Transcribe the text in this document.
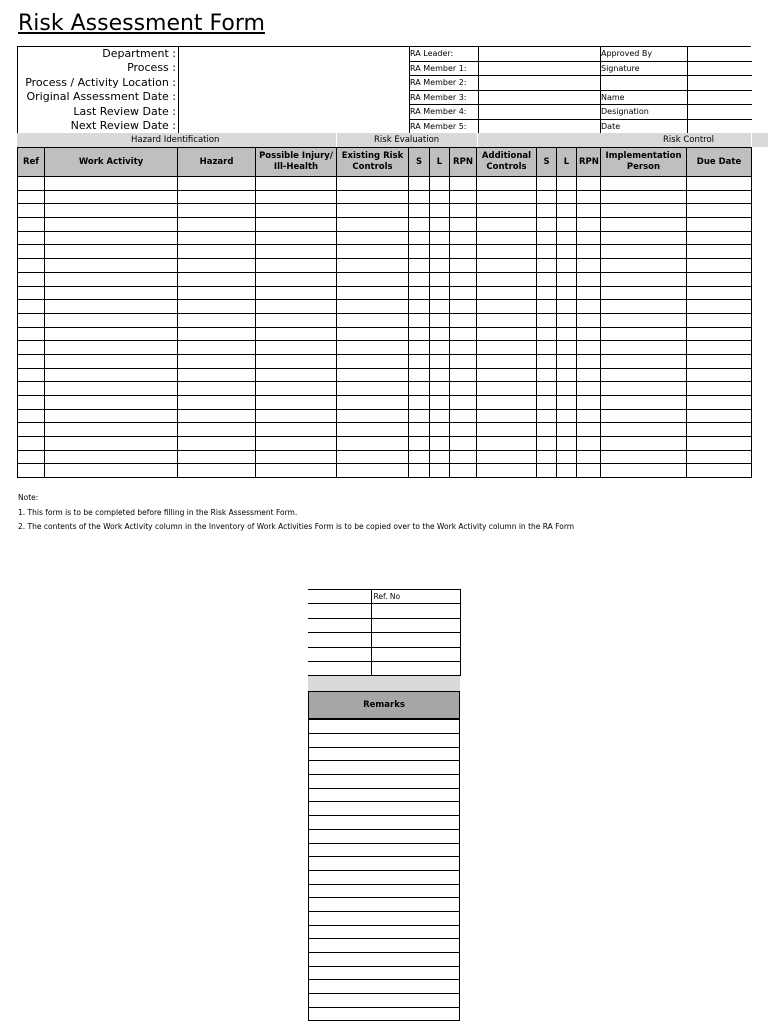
Risk Assessment Form
Department :
Process :
Process / Activity Location :
Original Assessment Date :
Last Review Date :
Next Review Date :
RA Leader:
RA Member 1:
RA Member 2:
RA Member 3:
RA Member 4:
RA Member 5:
Approved By
Signature
Name
Designation
Date
Hazard Identification	Risk Evaluation	Risk Control
Ref	Work Activity	Hazard	Possible Injury/ Ill-Health	Existing Risk Controls	S	L	RPN	Additional Controls	S	L	RPN	Implementation Person	Due Date

Note:
1. This form is to be completed before filling in the Risk Assessment Form.
2. The contents of the Work Activity column in the Inventory of Work Activities Form is to be copied over to the Work Activity column in the RA Form
	Ref. No

Remarks
